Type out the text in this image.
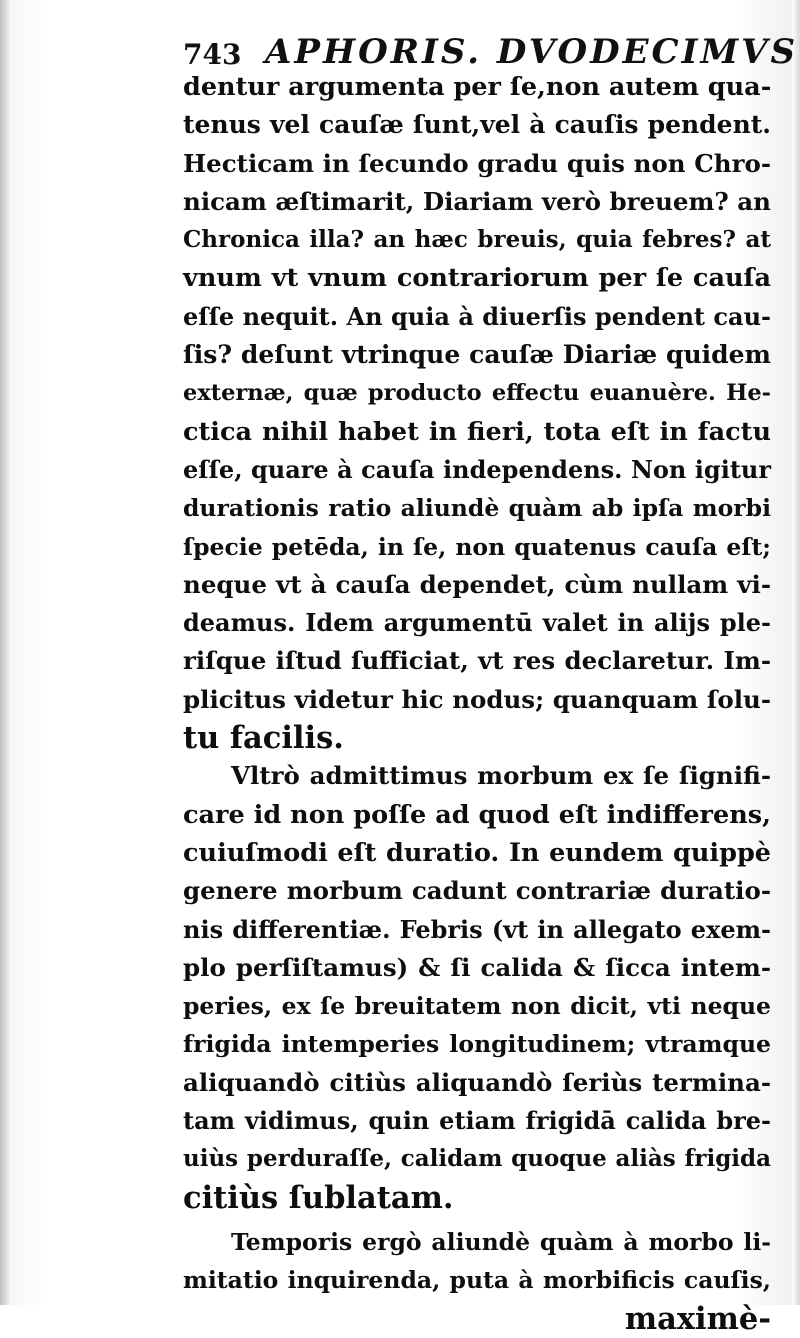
743 APHORIS. DVODECIMVS
dentur argumenta per ſe,non autem qua-
tenus vel cauſæ ſunt,vel à cauſis pendent.
Hecticam in ſecundo gradu quis non Chro-
nicam æſtimarit, Diariam verò breuem? an
Chronica illa? an hæc breuis, quia febres? at
vnum vt vnum contrariorum per ſe cauſa
eſſe nequit. An quia à diuerſis pendent cau-
ſis? deſunt vtrinque cauſæ Diariæ quidem
externæ, quæ producto effectu euanuère. He-
ctica nihil habet in fieri, tota eſt in factu
eſſe, quare à cauſa independens. Non igitur
durationis ratio aliundè quàm ab ipſa morbi
ſpecie petēda, in ſe, non quatenus cauſa eſt;
neque vt à cauſa dependet, cùm nullam vi-
deamus. Idem argumentū valet in alijs ple-
riſque iſtud ſufficiat, vt res declaretur. Im-
plicitus videtur hic nodus; quanquam ſolu-
tu facilis.
Vltrò admittimus morbum ex ſe ſignifi-
care id non poſſe ad quod eſt indifferens,
cuiuſmodi eſt duratio. In eundem quippè
genere morbum cadunt contrariæ duratio-
nis differentiæ. Febris (vt in allegato exem-
plo perſiſtamus) & ſi calida & ſicca intem-
peries, ex ſe breuitatem non dicit, vti neque
frigida intemperies longitudinem; vtramque
aliquandò citiùs aliquandò ſeriùs termina-
tam vidimus, quin etiam frigidā calida bre-
uiùs perduraſſe, calidam quoque aliàs frigida
citiùs ſublatam.
Temporis ergò aliundè quàm à morbo li-
mitatio inquirenda, puta à morbificis cauſis,
maximè-
